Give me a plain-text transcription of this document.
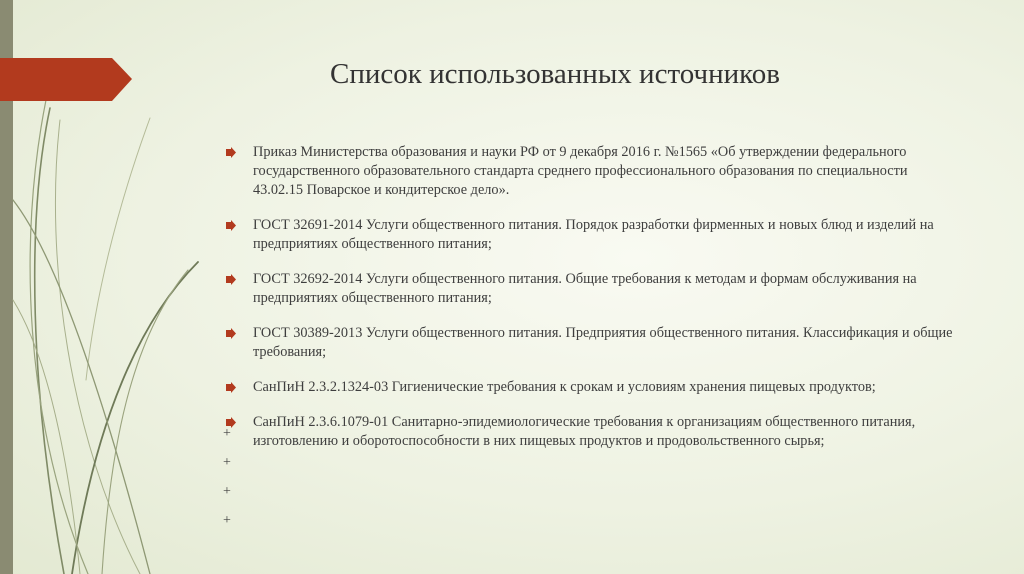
Список использованных источников
Приказ Министерства образования и науки РФ от 9 декабря 2016 г. №1565 «Об утверждении федерального государственного образовательного стандарта среднего профессионального образования по специальности 43.02.15 Поварское и кондитерское дело».
ГОСТ 32691-2014 Услуги общественного питания. Порядок разработки фирменных и новых блюд и изделий на предприятиях общественного питания;
ГОСТ 32692-2014 Услуги общественного питания. Общие требования к методам и формам обслуживания на предприятиях общественного питания;
ГОСТ 30389-2013 Услуги общественного питания. Предприятия общественного питания. Классификация и общие требования;
СанПиН 2.3.2.1324-03 Гигиенические требования к срокам и условиям хранения пищевых продуктов;
СанПиН 2.3.6.1079-01 Санитарно-эпидемиологические требования к организациям общественного питания, изготовлению и оборотоспособности в них пищевых продуктов и продовольственного сырья;
+
+
+
+
